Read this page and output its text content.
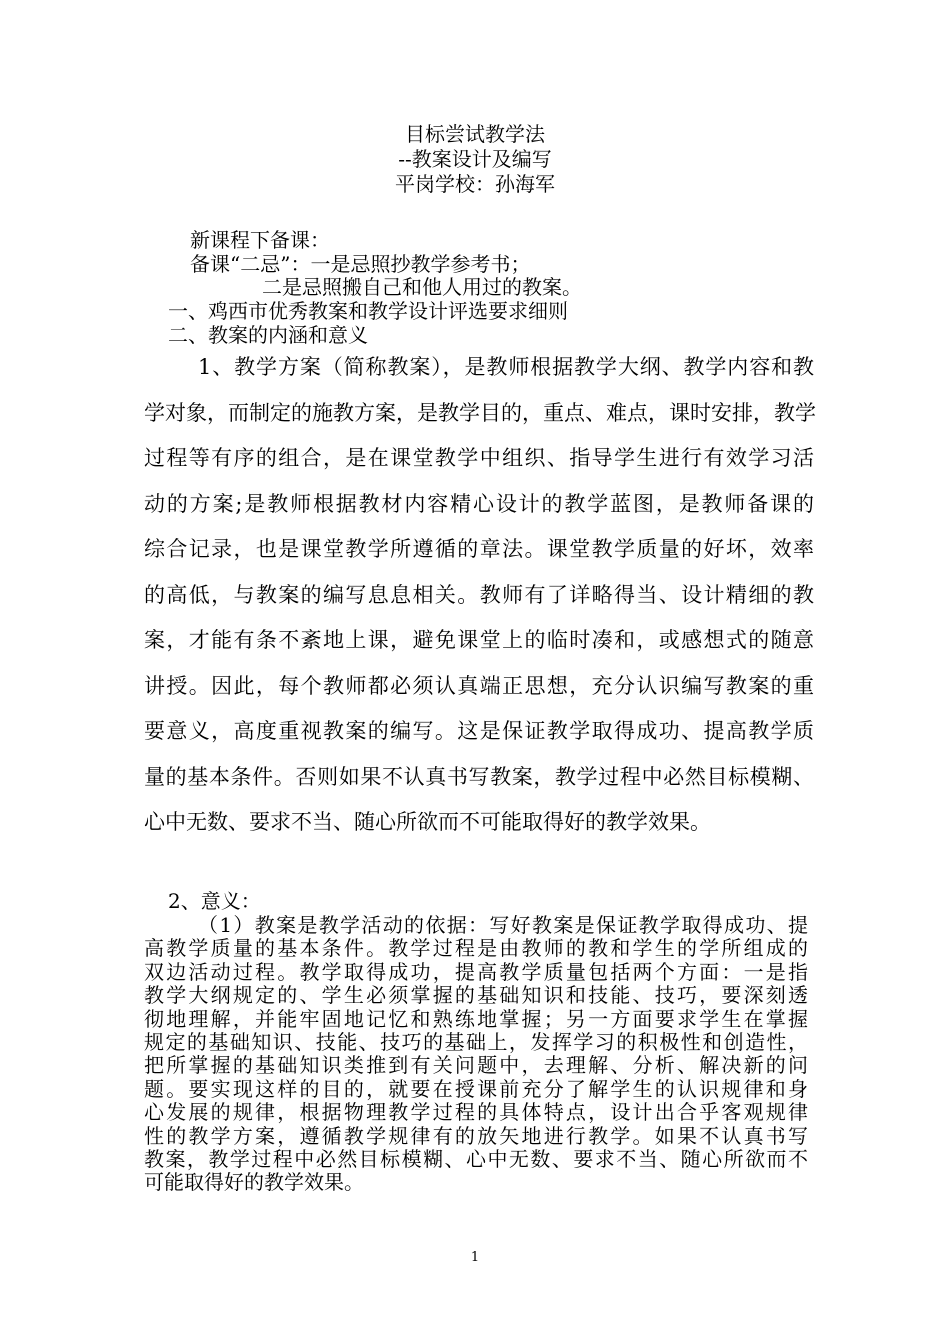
目标尝试教学法
--教案设计及编写
平岗学校：孙海军
新课程下备课：
备课“二忌”：一是忌照抄教学参考书；
二是忌照搬自己和他人用过的教案。
一、鸡西市优秀教案和教学设计评选要求细则
二、教案的内涵和意义
1、教学方案（简称教案），是教师根据教学大纲、教学内容和教
学对象，而制定的施教方案，是教学目的，重点、难点，课时安排，教学
过程等有序的组合，是在课堂教学中组织、指导学生进行有效学习活
动的方案;是教师根据教材内容精心设计的教学蓝图，是教师备课的
综合记录，也是课堂教学所遵循的章法。课堂教学质量的好坏，效率
的高低，与教案的编写息息相关。教师有了详略得当、设计精细的教
案，才能有条不紊地上课，避免课堂上的临时凑和，或感想式的随意
讲授。因此，每个教师都必须认真端正思想，充分认识编写教案的重
要意义，高度重视教案的编写。这是保证教学取得成功、提高教学质
量的基本条件。否则如果不认真书写教案，教学过程中必然目标模糊、
心中无数、要求不当、随心所欲而不可能取得好的教学效果。
2、意义：
（1）教案是教学活动的依据：写好教案是保证教学取得成功、提
高教学质量的基本条件。教学过程是由教师的教和学生的学所组成的
双边活动过程。教学取得成功，提高教学质量包括两个方面：一是指
教学大纲规定的、学生必须掌握的基础知识和技能、技巧，要深刻透
彻地理解，并能牢固地记忆和熟练地掌握；另一方面要求学生在掌握
规定的基础知识、技能、技巧的基础上，发挥学习的积极性和创造性，
把所掌握的基础知识类推到有关问题中，去理解、分析、解决新的问
题。要实现这样的目的，就要在授课前充分了解学生的认识规律和身
心发展的规律，根据物理教学过程的具体特点，设计出合乎客观规律
性的教学方案，遵循教学规律有的放矢地进行教学。如果不认真书写
教案，教学过程中必然目标模糊、心中无数、要求不当、随心所欲而不
可能取得好的教学效果。
1
